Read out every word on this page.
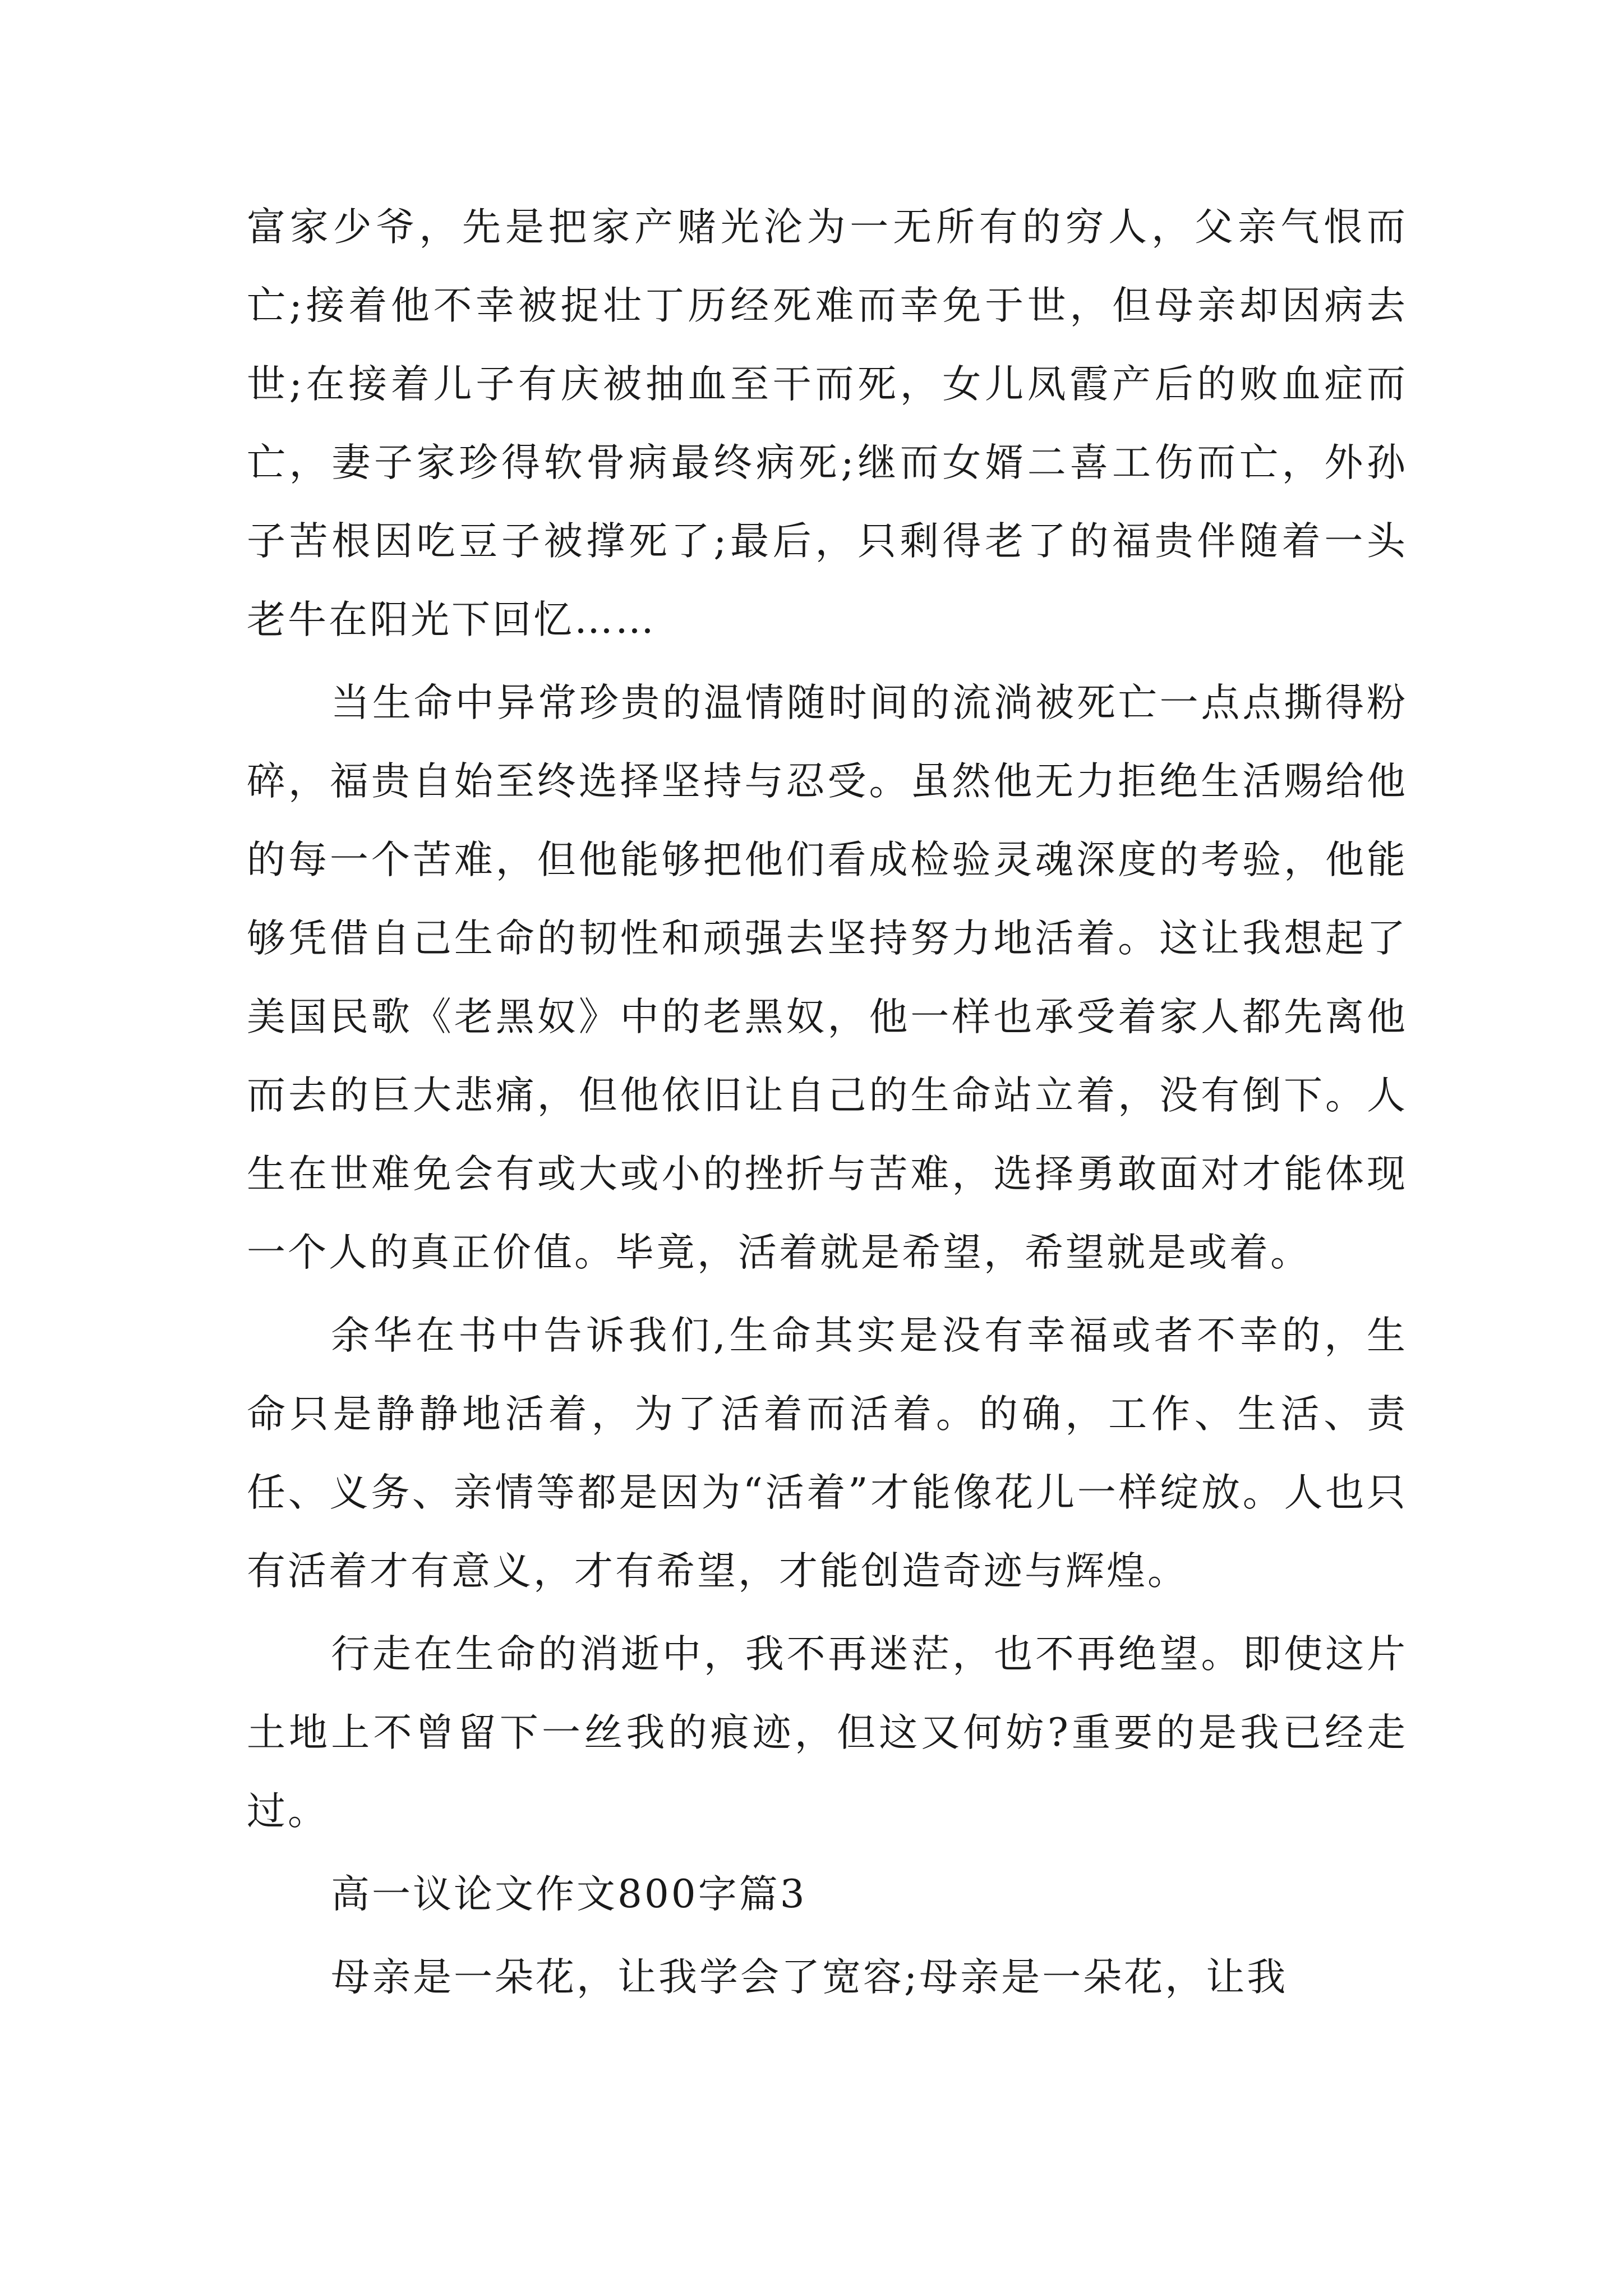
富家少爷，先是把家产赌光沦为一无所有的穷人，父亲气恨而亡;接着他不幸被捉壮丁历经死难而幸免于世，但母亲却因病去世;在接着儿子有庆被抽血至干而死，女儿凤霞产后的败血症而亡，妻子家珍得软骨病最终病死;继而女婿二喜工伤而亡，外孙子苦根因吃豆子被撑死了;最后，只剩得老了的福贵伴随着一头老牛在阳光下回忆……

当生命中异常珍贵的温情随时间的流淌被死亡一点点撕得粉碎，福贵自始至终选择坚持与忍受。虽然他无力拒绝生活赐给他的每一个苦难，但他能够把他们看成检验灵魂深度的考验，他能够凭借自己生命的韧性和顽强去坚持努力地活着。这让我想起了美国民歌《老黑奴》中的老黑奴，他一样也承受着家人都先离他而去的巨大悲痛，但他依旧让自己的生命站立着，没有倒下。人生在世难免会有或大或小的挫折与苦难，选择勇敢面对才能体现一个人的真正价值。毕竟，活着就是希望，希望就是或着。

余华在书中告诉我们,生命其实是没有幸福或者不幸的，生命只是静静地活着，为了活着而活着。的确，工作、生活、责任、义务、亲情等都是因为“活着”才能像花儿一样绽放。人也只有活着才有意义，才有希望，才能创造奇迹与辉煌。

行走在生命的消逝中，我不再迷茫，也不再绝望。即使这片土地上不曾留下一丝我的痕迹，但这又何妨?重要的是我已经走过。

高一议论文作文800字篇3

母亲是一朵花，让我学会了宽容;母亲是一朵花，让我
